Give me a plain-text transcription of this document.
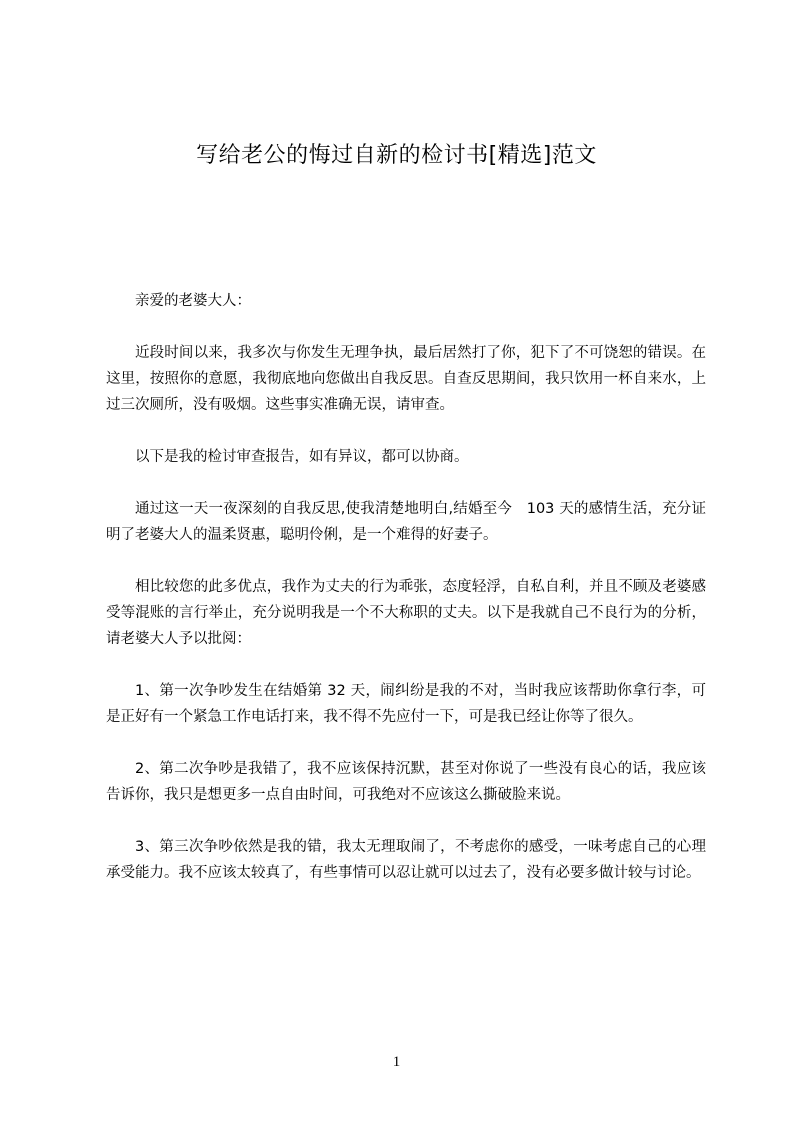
写给老公的悔过自新的检讨书[精选]范文

亲爱的老婆大人：

近段时间以来，我多次与你发生无理争执，最后居然打了你，犯下了不可饶恕的错误。在这里，按照你的意愿，我彻底地向您做出自我反思。自查反思期间，我只饮用一杯自来水，上过三次厕所，没有吸烟。这些事实准确无误，请审查。

以下是我的检讨审查报告，如有异议，都可以协商。

通过这一天一夜深刻的自我反思,使我清楚地明白,结婚至今　103 天的感情生活，充分证明了老婆大人的温柔贤惠，聪明伶俐，是一个难得的好妻子。

相比较您的此多优点，我作为丈夫的行为乖张，态度轻浮，自私自利，并且不顾及老婆感受等混账的言行举止，充分说明我是一个不大称职的丈夫。以下是我就自己不良行为的分析，请老婆大人予以批阅：

1、第一次争吵发生在结婚第 32 天，闹纠纷是我的不对，当时我应该帮助你拿行李，可是正好有一个紧急工作电话打来，我不得不先应付一下，可是我已经让你等了很久。

2、第二次争吵是我错了，我不应该保持沉默，甚至对你说了一些没有良心的话，我应该告诉你，我只是想更多一点自由时间，可我绝对不应该这么撕破脸来说。

3、第三次争吵依然是我的错，我太无理取闹了，不考虑你的感受，一味考虑自己的心理承受能力。我不应该太较真了，有些事情可以忍让就可以过去了，没有必要多做计较与讨论。

1
